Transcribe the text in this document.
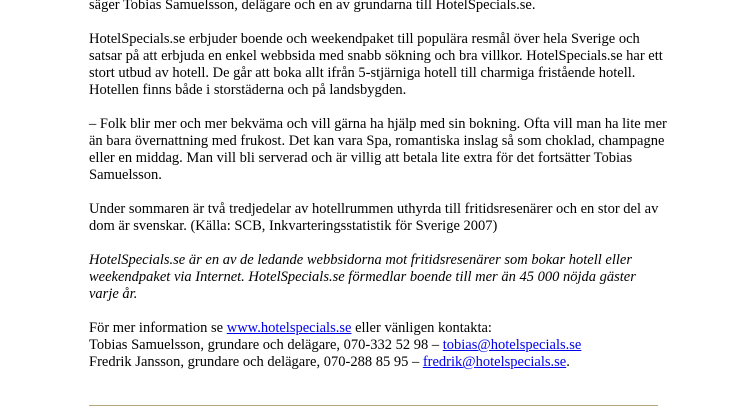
säger Tobias Samuelsson, delägare och en av grundarna till HotelSpecials.se.

HotelSpecials.se erbjuder boende och weekendpaket till populära resmål över hela Sverige och satsar på att erbjuda en enkel webbsida med snabb sökning och bra villkor. HotelSpecials.se har ett stort utbud av hotell. De går att boka allt ifrån 5-stjärniga hotell till charmiga fristående hotell. Hotellen finns både i storstäderna och på landsbygden.

– Folk blir mer och mer bekväma och vill gärna ha hjälp med sin bokning. Ofta vill man ha lite mer än bara övernattning med frukost. Det kan vara Spa, romantiska inslag så som choklad, champagne eller en middag. Man vill bli serverad och är villig att betala lite extra för det fortsätter Tobias Samuelsson.

Under sommaren är två tredjedelar av hotellrummen uthyrda till fritidsresenärer och en stor del av dom är svenskar. (Källa: SCB, Inkvarteringsstatistik för Sverige 2007)

HotelSpecials.se är en av de ledande webbsidorna mot fritidsresenärer som bokar hotell eller weekendpaket via Internet. HotelSpecials.se förmedlar boende till mer än 45 000 nöjda gäster varje år.

För mer information se www.hotelspecials.se eller vänligen kontakta:
Tobias Samuelsson, grundare och delägare, 070-332 52 98 – tobias@hotelspecials.se
Fredrik Jansson, grundare och delägare, 070-288 85 95 – fredrik@hotelspecials.se.
